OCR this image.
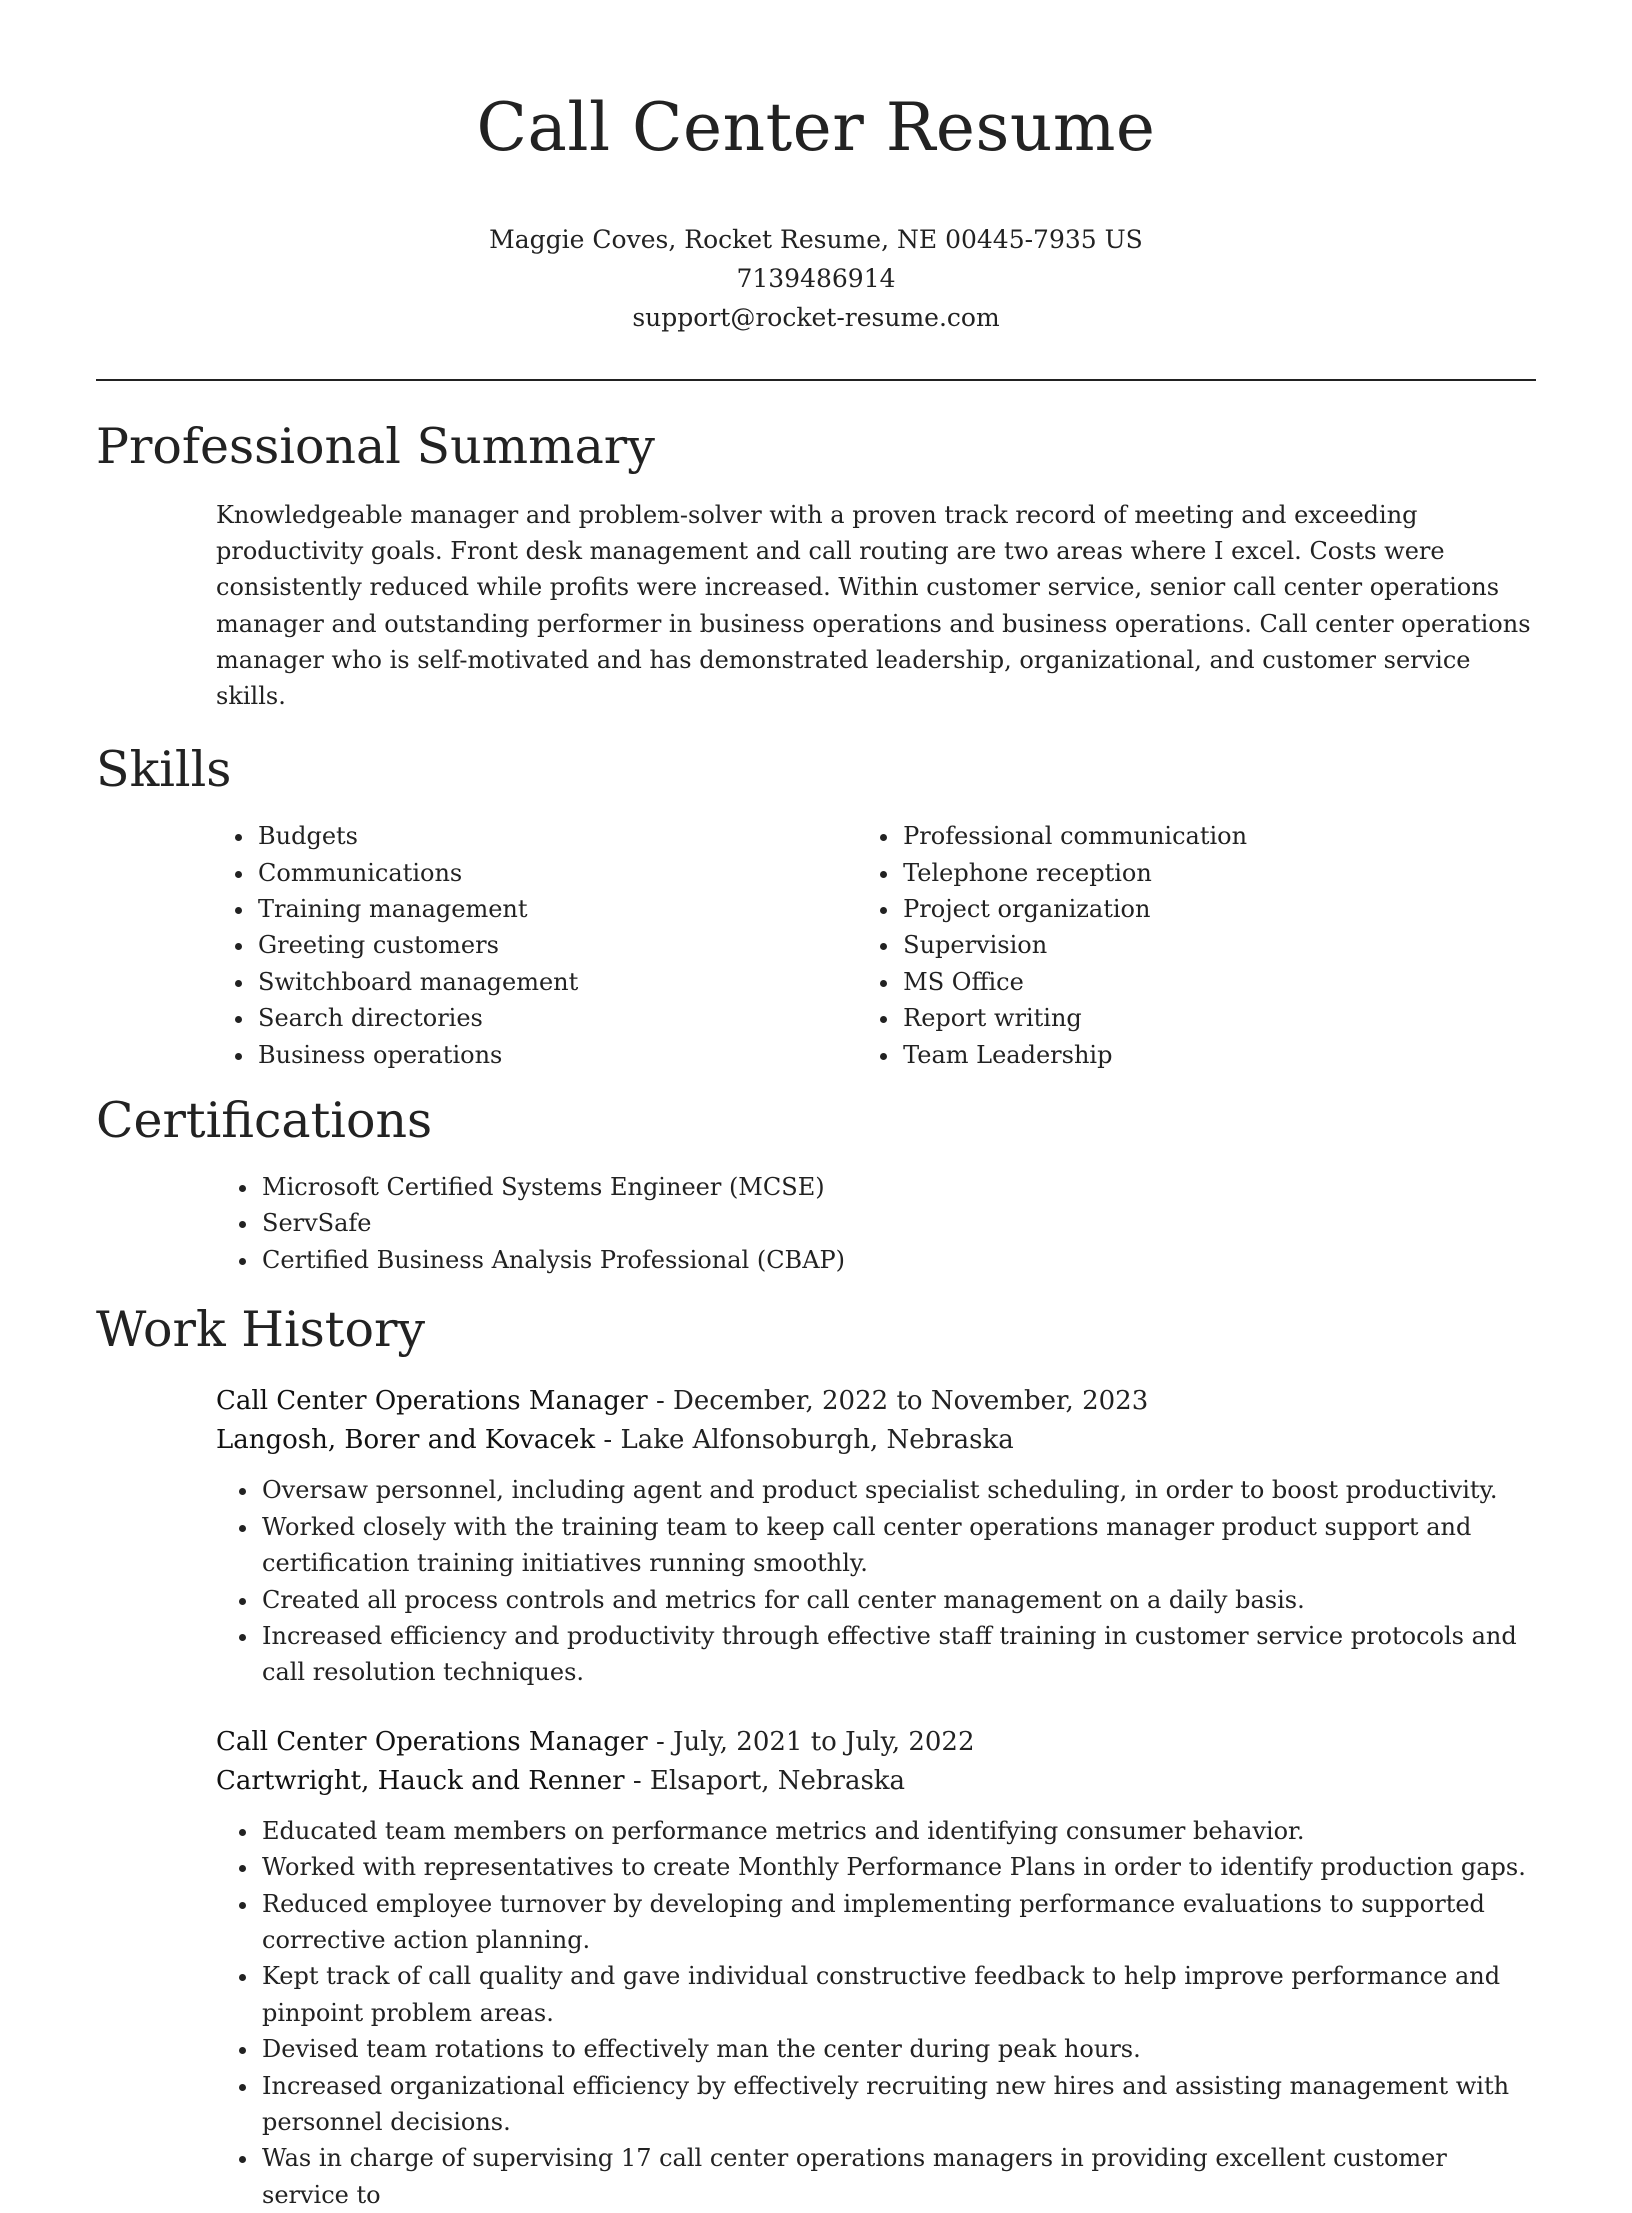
Call Center Resume
Maggie Coves, Rocket Resume, NE 00445-7935 US
7139486914
support@rocket-resume.com
Professional Summary

Knowledgeable manager and problem-solver with a proven track record of meeting and exceeding productivity goals. Front desk management and call routing are two areas where I excel. Costs were consistently reduced while profits were increased. Within customer service, senior call center operations manager and outstanding performer in business operations and business operations. Call center operations manager who is self-motivated and has demonstrated leadership, organizational, and customer service skills.

Skills
• Budgets
• Communications
• Training management
• Greeting customers
• Switchboard management
• Search directories
• Business operations
• Professional communication
• Telephone reception
• Project organization
• Supervision
• MS Office
• Report writing
• Team Leadership
Certifications
• Microsoft Certified Systems Engineer (MCSE)
• ServSafe
• Certified Business Analysis Professional (CBAP)
Work History
Call Center Operations Manager - December, 2022 to November, 2023
Langosh, Borer and Kovacek - Lake Alfonsoburgh, Nebraska
• Oversaw personnel, including agent and product specialist scheduling, in order to boost productivity.
• Worked closely with the training team to keep call center operations manager product support and certification training initiatives running smoothly.
• Created all process controls and metrics for call center management on a daily basis.
• Increased efficiency and productivity through effective staff training in customer service protocols and call resolution techniques.
Call Center Operations Manager - July, 2021 to July, 2022
Cartwright, Hauck and Renner - Elsaport, Nebraska
• Educated team members on performance metrics and identifying consumer behavior.
• Worked with representatives to create Monthly Performance Plans in order to identify production gaps.
• Reduced employee turnover by developing and implementing performance evaluations to supported corrective action planning.
• Kept track of call quality and gave individual constructive feedback to help improve performance and pinpoint problem areas.
• Devised team rotations to effectively man the center during peak hours.
• Increased organizational efficiency by effectively recruiting new hires and assisting management with personnel decisions.
• Was in charge of supervising 17 call center operations managers in providing excellent customer service to
